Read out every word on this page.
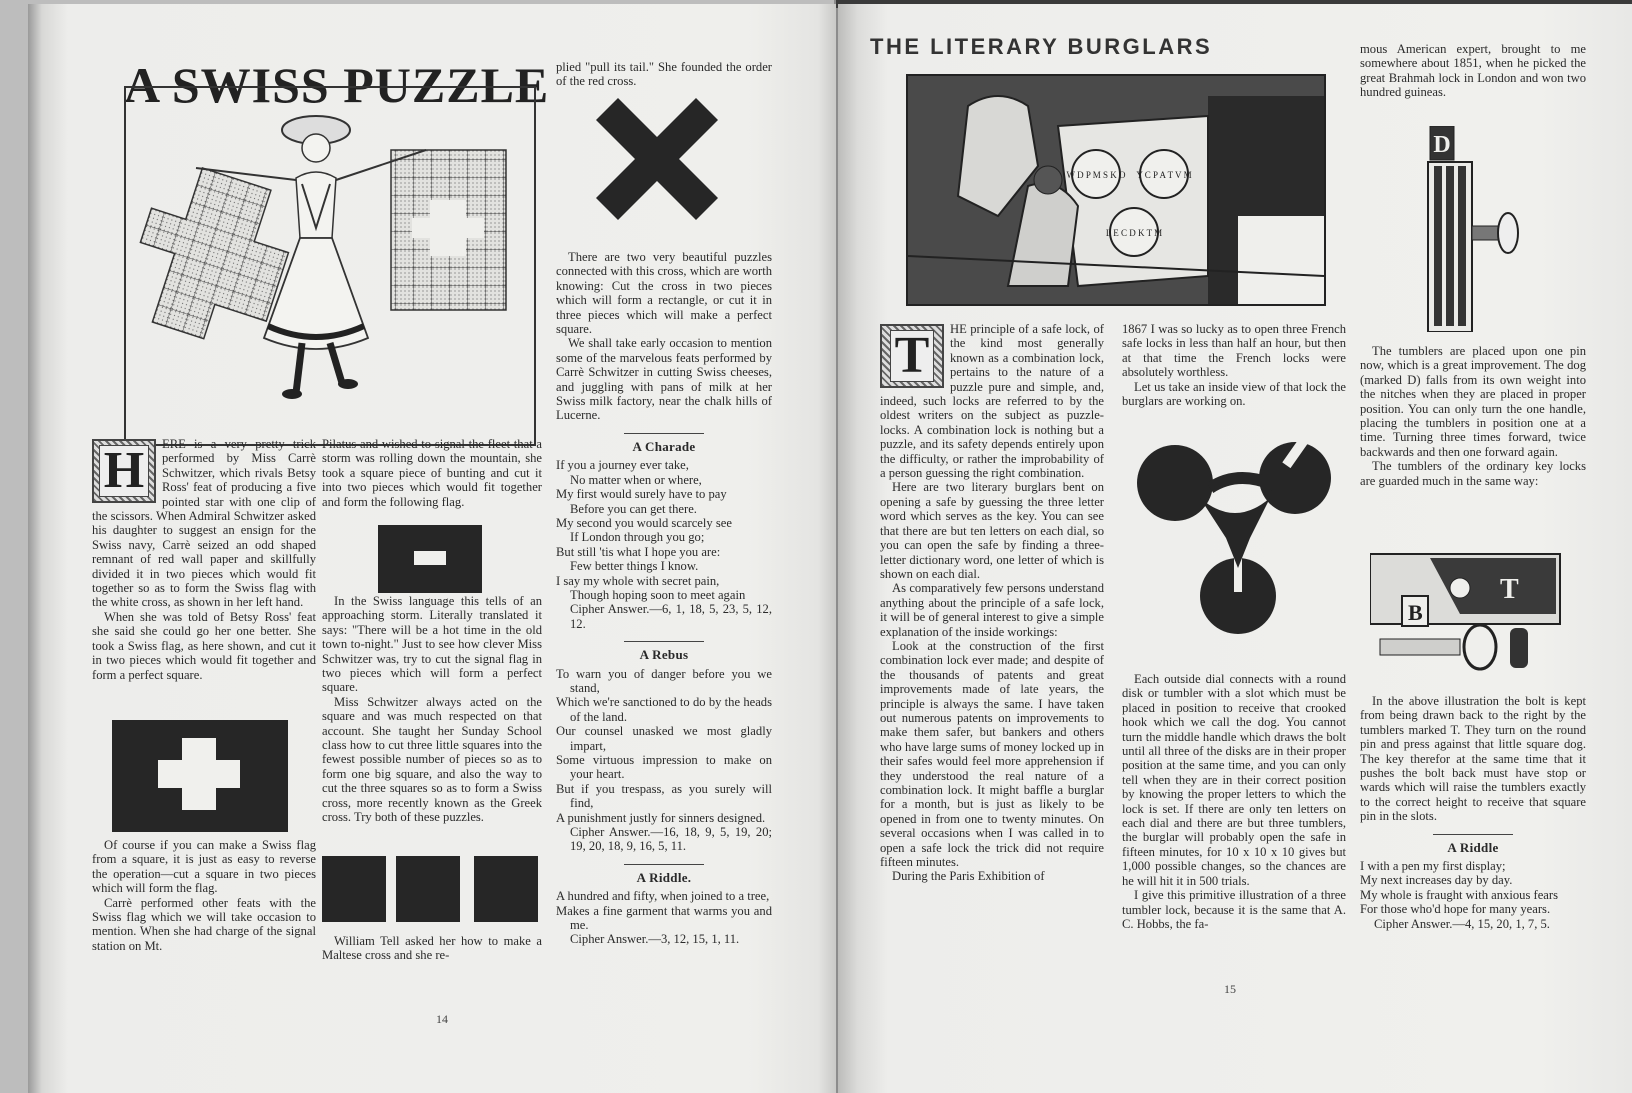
A SWISS PUZZLE
H	ERE is a very pretty trick performed by Miss Carrè Schwitzer, which rivals Betsy Ross' feat of producing a five pointed star with one clip of the scissors. When Admiral Schwitzer asked his daughter to suggest an ensign for the Swiss navy, Carrè seized an odd shaped remnant of red wall paper and skillfully divided it in two pieces which would fit together so as to form the Swiss flag with the white cross, as shown in her left hand.

When she was told of Betsy Ross' feat she said she could go her one better. She took a Swiss flag, as here shown, and cut it in two pieces which would fit together and form a perfect square.

Of course if you can make a Swiss flag from a square, it is just as easy to reverse the operation—cut a square in two pieces which will form the flag.

Carrè performed other feats with the Swiss flag which we will take occasion to mention. When she had charge of the signal station on Mt.

Pilatus and wished to signal the fleet that a storm was rolling down the mountain, she took a square piece of bunting and cut it into two pieces which would fit together and form the following flag.

In the Swiss language this tells of an approaching storm. Literally translated it says: "There will be a hot time in the old town to-night." Just to see how clever Miss Schwitzer was, try to cut the signal flag in two pieces which will form a perfect square.

Miss Schwitzer always acted on the square and was much respected on that account. She taught her Sunday School class how to cut three little squares into the fewest possible number of pieces so as to form one big square, and also the way to cut the three squares so as to form a Swiss cross, more recently known as the Greek cross. Try both of these puzzles.

William Tell asked her how to make a Maltese cross and she re-

plied "pull its tail." She founded the order of the red cross.

There are two very beautiful puzzles connected with this cross, which are worth knowing: Cut the cross in two pieces which will form a rectangle, or cut it in three pieces which will make a perfect square.

We shall take early occasion to mention some of the marvelous feats performed by Carrè Schwitzer in cutting Swiss cheeses, and juggling with pans of milk at her Swiss milk factory, near the chalk hills of Lucerne.

A Charade
If you a journey ever take,
No matter when or where,
My first would surely have to pay
Before you can get there.
My second you would scarcely see
If London through you go;
But still 'tis what I hope you are:
Few better things I know.
I say my whole with secret pain,
Though hoping soon to meet again
Cipher Answer.—6, 1, 18, 5, 23, 5, 12, 12.
A Rebus
To warn you of danger before you we stand,
Which we're sanctioned to do by the heads of the land.
Our counsel unasked we most gladly impart,
Some virtuous impression to make on your heart.
But if you trespass, as you surely will find,
A punishment justly for sinners designed.
Cipher Answer.—16, 18, 9, 5, 19, 20; 19, 20, 18, 9, 16, 5, 11.
A Riddle.
A hundred and fifty, when joined to a tree,
Makes a fine garment that warms you and me.
Cipher Answer.—3, 12, 15, 1, 11.
14
THE LITERARY BURGLARS
W D P M S K O Y C P A T V M
L E C D K T M
T	HE principle of a safe lock, of the kind most generally known as a combination lock, pertains to the nature of a puzzle pure and simple, and, indeed, such locks are referred to by the oldest writers on the subject as puzzle-locks. A combination lock is nothing but a puzzle, and its safety depends entirely upon the difficulty, or rather the improbability of a person guessing the right combination.

Here are two literary burglars bent on opening a safe by guessing the three letter word which serves as the key. You can see that there are but ten letters on each dial, so you can open the safe by finding a three-letter dictionary word, one letter of which is shown on each dial.

As comparatively few persons understand anything about the principle of a safe lock, it will be of general interest to give a simple explanation of the inside workings:

Look at the construction of the first combination lock ever made; and despite of the thousands of patents and great improvements made of late years, the principle is always the same. I have taken out numerous patents on improvements to make them safer, but bankers and others who have large sums of money locked up in their safes would feel more apprehension if they understood the real nature of a combination lock. It might baffle a burglar for a month, but is just as likely to be opened in from one to twenty minutes. On several occasions when I was called in to open a safe lock the trick did not require fifteen minutes.

During the Paris Exhibition of

1867 I was so lucky as to open three French safe locks in less than half an hour, but then at that time the French locks were absolutely worthless.

Let us take an inside view of that lock the burglars are working on.

Each outside dial connects with a round disk or tumbler with a slot which must be placed in position to receive that crooked hook which we call the dog. You cannot turn the middle handle which draws the bolt until all three of the disks are in their proper position at the same time, and you can only tell when they are in their correct position by knowing the proper letters to which the lock is set. If there are only ten letters on each dial and there are but three tumblers, the burglar will probably open the safe in fifteen minutes, for 10 x 10 x 10 gives but 1,000 possible changes, so the chances are he will hit it in 500 trials.

I give this primitive illustration of a three tumbler lock, because it is the same that A. C. Hobbs, the fa-

mous American expert, brought to me somewhere about 1851, when he picked the great Brahmah lock in London and won two hundred guineas.

D

The tumblers are placed upon one pin now, which is a great improvement. The dog (marked D) falls from its own weight into the nitches when they are placed in proper position. You can only turn the one handle, placing the tumblers in position one at a time. Turning three times forward, twice backwards and then one forward again.

The tumblers of the ordinary key locks are guarded much in the same way:

T
B

In the above illustration the bolt is kept from being drawn back to the right by the tumblers marked T. They turn on the round pin and press against that little square dog. The key therefor at the same time that it pushes the bolt back must have stop or wards which will raise the tumblers exactly to the correct height to receive that square pin in the slots.

A Riddle
I with a pen my first display;
My next increases day by day.
My whole is fraught with anxious fears
For those who'd hope for many years.
Cipher Answer.—4, 15, 20, 1, 7, 5.
15
